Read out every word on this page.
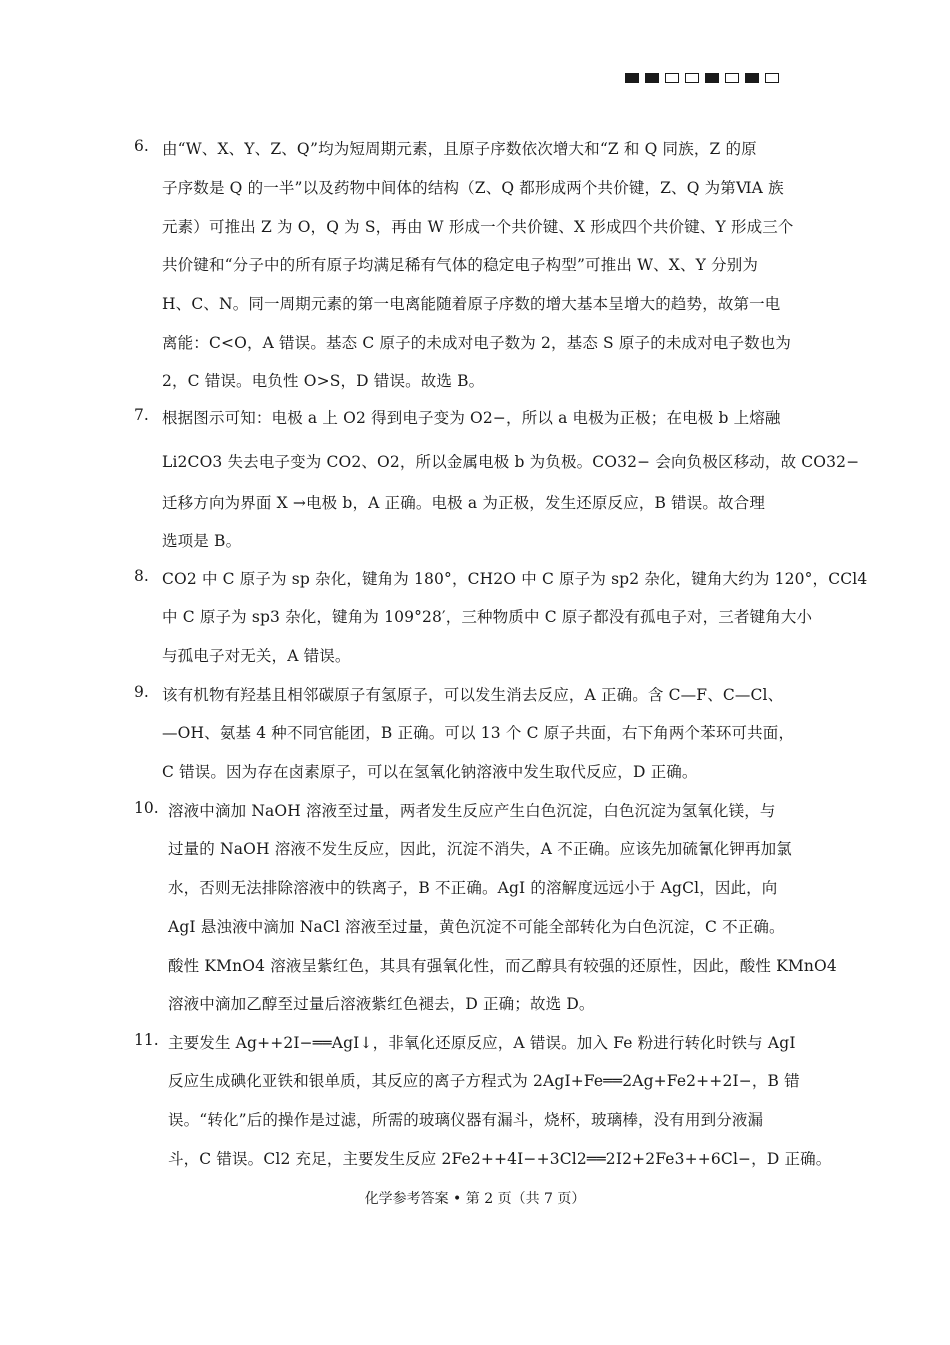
6. 由“W、X、Y、Z、Q”均为短周期元素，且原子序数依次增大和“Z 和 Q 同族，Z 的原
子序数是 Q 的一半”以及药物中间体的结构（Z、Q 都形成两个共价键，Z、Q 为第ⅥA 族
元素）可推出 Z 为 O，Q 为 S，再由 W 形成一个共价键、X 形成四个共价键、Y 形成三个
共价键和“分子中的所有原子均满足稀有气体的稳定电子构型”可推出 W、X、Y 分别为
H、C、N。同一周期元素的第一电离能随着原子序数的增大基本呈增大的趋势，故第一电
离能：C<O，A 错误。基态 C 原子的未成对电子数为 2，基态 S 原子的未成对电子数也为
2，C 错误。电负性 O>S，D 错误。故选 B。
7. 根据图示可知：电极 a 上 O2 得到电子变为 O2−，所以 a 电极为正极；在电极 b 上熔融
Li2CO3 失去电子变为 CO2、O2，所以金属电极 b 为负极。CO32− 会向负极区移动，故 CO32−
迁移方向为界面 X →电极 b，A 正确。电极 a 为正极，发生还原反应，B 错误。故合理
选项是 B。
8. CO2 中 C 原子为 sp 杂化，键角为 180°，CH2O 中 C 原子为 sp2 杂化，键角大约为 120°，CCl4
中 C 原子为 sp3 杂化，键角为 109°28′，三种物质中 C 原子都没有孤电子对，三者键角大小
与孤电子对无关，A 错误。
9. 该有机物有羟基且相邻碳原子有氢原子，可以发生消去反应，A 正确。含 C—F、C—Cl、
—OH、氨基 4 种不同官能团，B 正确。可以 13 个 C 原子共面，右下角两个苯环可共面，
C 错误。因为存在卤素原子，可以在氢氧化钠溶液中发生取代反应，D 正确。
10. 溶液中滴加 NaOH 溶液至过量，两者发生反应产生白色沉淀，白色沉淀为氢氧化镁，与
过量的 NaOH 溶液不发生反应，因此，沉淀不消失，A 不正确。应该先加硫氰化钾再加氯
水，否则无法排除溶液中的铁离子，B 不正确。AgI 的溶解度远远小于 AgCl，因此，向
AgI 悬浊液中滴加 NaCl 溶液至过量，黄色沉淀不可能全部转化为白色沉淀，C 不正确。
酸性 KMnO4 溶液呈紫红色，其具有强氧化性，而乙醇具有较强的还原性，因此，酸性 KMnO4
溶液中滴加乙醇至过量后溶液紫红色褪去，D 正确；故选 D。
11. 主要发生 Ag++2I−══AgI↓，非氧化还原反应，A 错误。加入 Fe 粉进行转化时铁与 AgI
反应生成碘化亚铁和银单质，其反应的离子方程式为 2AgI+Fe══2Ag+Fe2++2I−，B 错
误。“转化”后的操作是过滤，所需的玻璃仪器有漏斗，烧杯，玻璃棒，没有用到分液漏
斗，C 错误。Cl2 充足，主要发生反应 2Fe2++4I−+3Cl2══2I2+2Fe3++6Cl−，D 正确。
化学参考答案 • 第 2 页（共 7 页）
